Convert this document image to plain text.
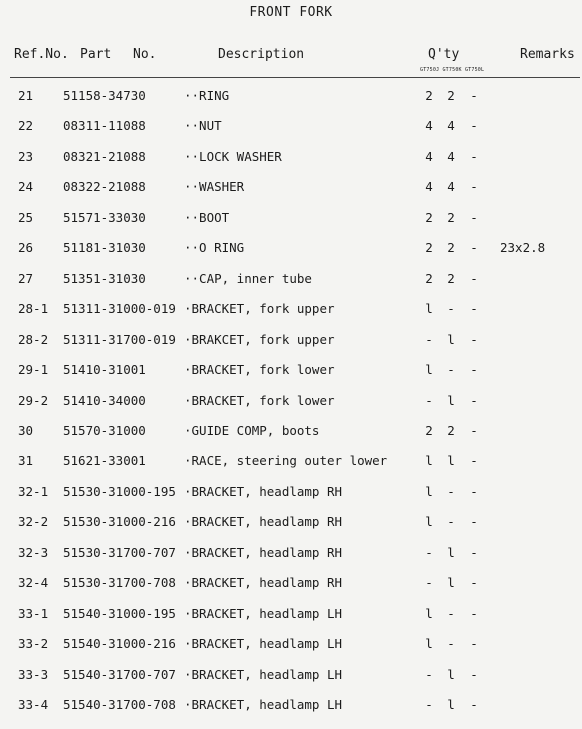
FRONT FORK
Ref.No. Part No.	Description	Q'ty	Remarks
GT750J GT750K GT750L
21 51158-34730	··RING	2 2 -
22 08311-11088	··NUT	4 4 -
23 08321-21088	··LOCK WASHER	4 4 -
24 08322-21088	··WASHER	4 4 -
25 51571-33030	··BOOT	2 2 -
26 51181-31030	··O RING	2 2 - 23x2.8
27 51351-31030	··CAP, inner tube	2 2 -
28-1 51311-31000-019 ·BRACKET, fork upper	l - -
28-2 51311-31700-019 ·BRAKCET, fork upper	- l -
29-1 51410-31001	·BRACKET, fork lower	l - -
29-2 51410-34000	·BRACKET, fork lower	- l -
30 51570-31000	·GUIDE COMP, boots	2 2 -
31 51621-33001	·RACE, steering outer lower	l l -
32-1 51530-31000-195 ·BRACKET, headlamp RH	l - -
32-2 51530-31000-216 ·BRACKET, headlamp RH	l - -
32-3 51530-31700-707 ·BRACKET, headlamp RH	- l -
32-4 51530-31700-708 ·BRACKET, headlamp RH	- l -
33-1 51540-31000-195 ·BRACKET, headlamp LH	l - -
33-2 51540-31000-216 ·BRACKET, headlamp LH	l - -
33-3 51540-31700-707 ·BRACKET, headlamp LH	- l -
33-4 51540-31700-708 ·BRACKET, headlamp LH	- l -
